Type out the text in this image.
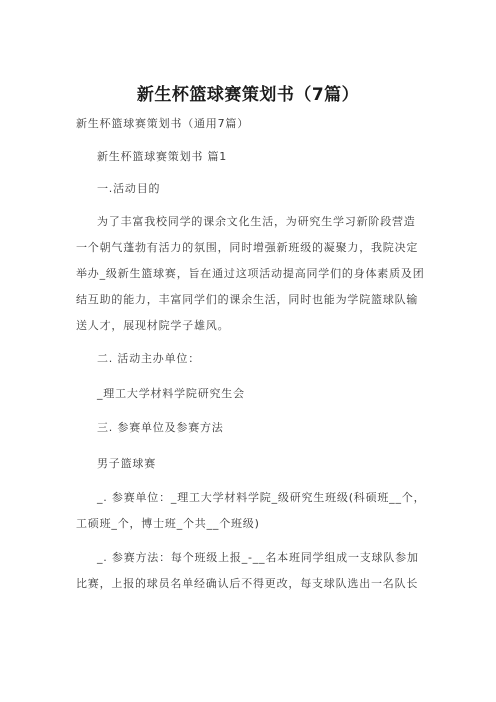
新生杯篮球赛策划书（7篇）
新生杯篮球赛策划书（通用7篇）
新生杯篮球赛策划书 篇1
一.活动目的
为了丰富我校同学的课余文化生活，为研究生学习新阶段营造
一个朝气蓬勃有活力的氛围，同时增强新班级的凝聚力，我院决定
举办_级新生篮球赛，旨在通过这项活动提高同学们的身体素质及团
结互助的能力，丰富同学们的课余生活，同时也能为学院篮球队输
送人才，展现材院学子雄风。
二. 活动主办单位：
_理工大学材料学院研究生会
三. 参赛单位及参赛方法
男子篮球赛
_. 参赛单位：_理工大学材料学院_级研究生班级(科硕班__个，
工硕班_个，博士班_个共__个班级)
_. 参赛方法：每个班级上报_-__名本班同学组成一支球队参加
比赛，上报的球员名单经确认后不得更改，每支球队选出一名队长
